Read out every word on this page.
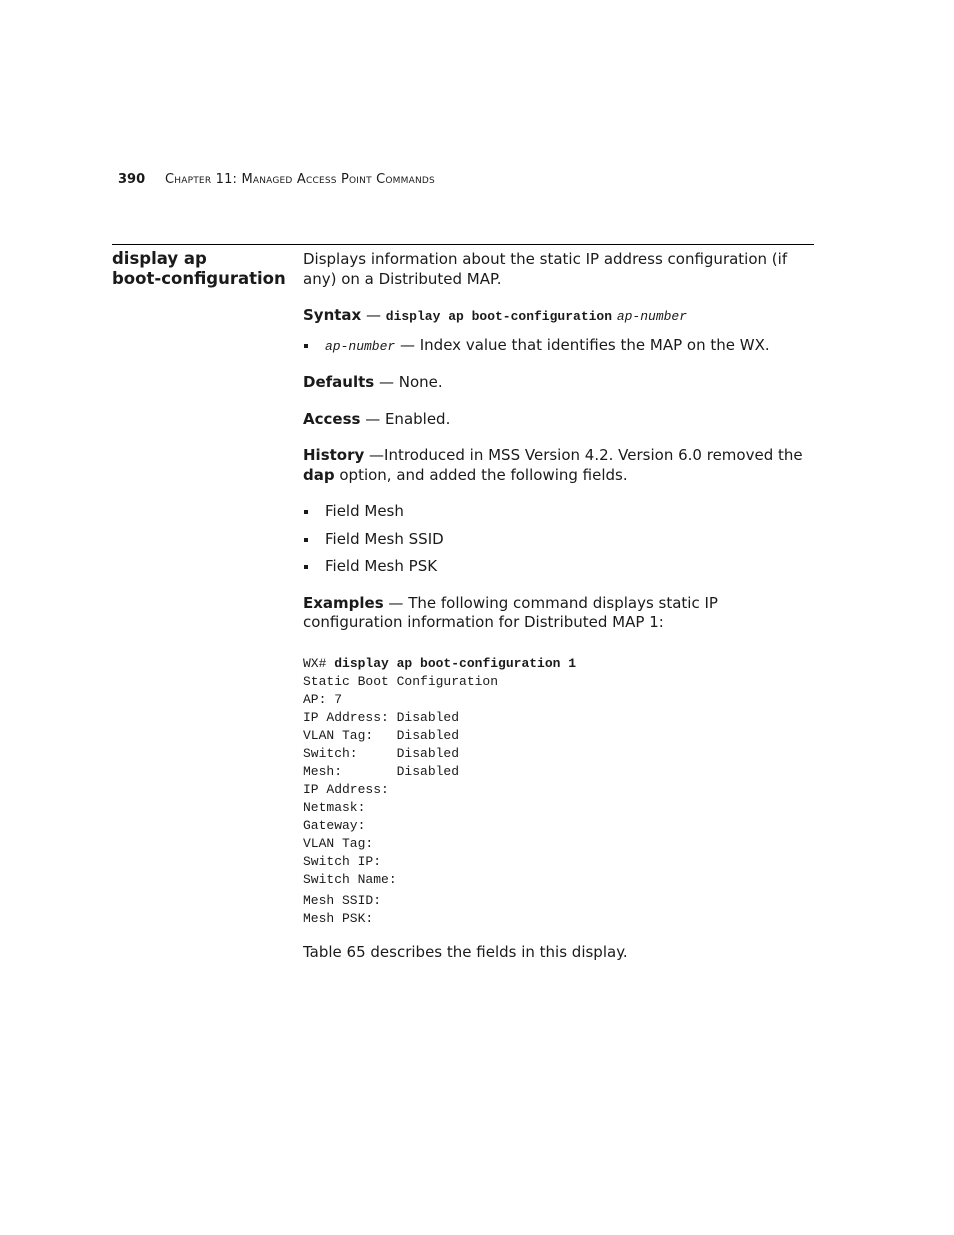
390 Chapter 11: Managed Access Point Commands
display ap
boot-configuration

Displays information about the static IP address configuration (if any) on a Distributed MAP.

Syntax — display ap boot-configuration ap-number

ap-number — Index value that identifies the MAP on the WX.

Defaults — None.

Access — Enabled.

History —Introduced in MSS Version 4.2. Version 6.0 removed the dap option, and added the following fields.

Field Mesh
Field Mesh SSID
Field Mesh PSK

Examples — The following command displays static IP configuration information for Distributed MAP 1:

WX# display ap boot-configuration 1
Static Boot Configuration
AP: 7
IP Address: Disabled
VLAN Tag:   Disabled
Switch:     Disabled
Mesh:       Disabled
IP Address:
Netmask:
Gateway:
VLAN Tag:
Switch IP:
Switch Name:
Mesh SSID:
Mesh PSK:

Table 65 describes the fields in this display.
